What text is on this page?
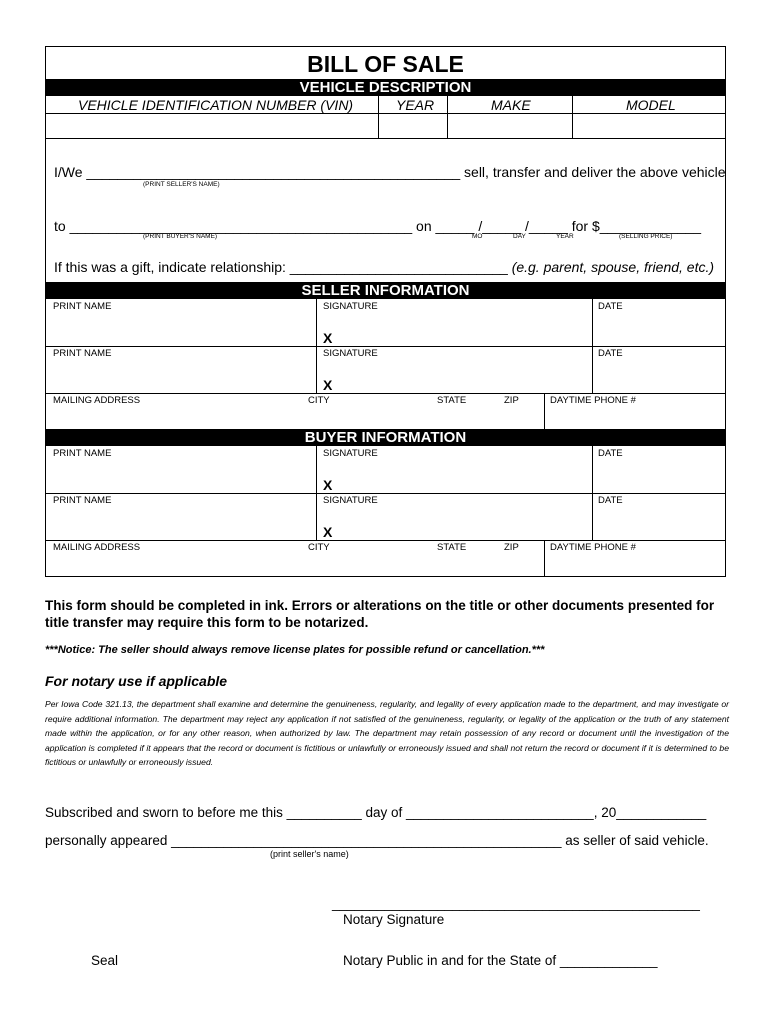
BILL OF SALE
VEHICLE DESCRIPTION
VEHICLE IDENTIFICATION NUMBER (VIN)	YEAR	MAKE	MODEL
I/We ________________________________________________ sell, transfer and deliver the above vehicle
(PRINT SELLER'S NAME)
to ____________________________________________ on _____ /_____ /_____ for $_____________
(PRINT BUYER'S NAME)	MO	DAY	YEAR	(SELLING PRICE)
If this was a gift, indicate relationship: ____________________________ (e.g. parent, spouse, friend, etc.)
SELLER INFORMATION
PRINT NAME	SIGNATURE	DATE
X
PRINT NAME	SIGNATURE	DATE
X
MAILING ADDRESS	CITY	STATE	ZIP	DAYTIME PHONE #
BUYER INFORMATION
PRINT NAME	SIGNATURE	DATE
X
PRINT NAME	SIGNATURE	DATE
X
MAILING ADDRESS	CITY	STATE	ZIP	DAYTIME PHONE #
This form should be completed in ink. Errors or alterations on the title or other documents presented for title transfer may require this form to be notarized.
***Notice: The seller should always remove license plates for possible refund or cancellation.***
For notary use if applicable
Per Iowa Code 321.13, the department shall examine and determine the genuineness, regularity, and legality of every application made to the department, and may investigate or require additional information. The department may reject any application if not satisfied of the genuineness, regularity, or legality of the application or the truth of any statement made within the application, or for any other reason, when authorized by law. The department may retain possession of any record or document until the investigation of the application is completed if it appears that the record or document is fictitious or unlawfully or erroneously issued and shall not return the record or document if it is determined to be fictitious or unlawfully or erroneously issued.
Subscribed and sworn to before me this __________ day of _________________________, 20____________
personally appeared ____________________________________________________ as seller of said vehicle.
(print seller's name)
_________________________________________________
Notary Signature
Seal	Notary Public in and for the State of _____________
